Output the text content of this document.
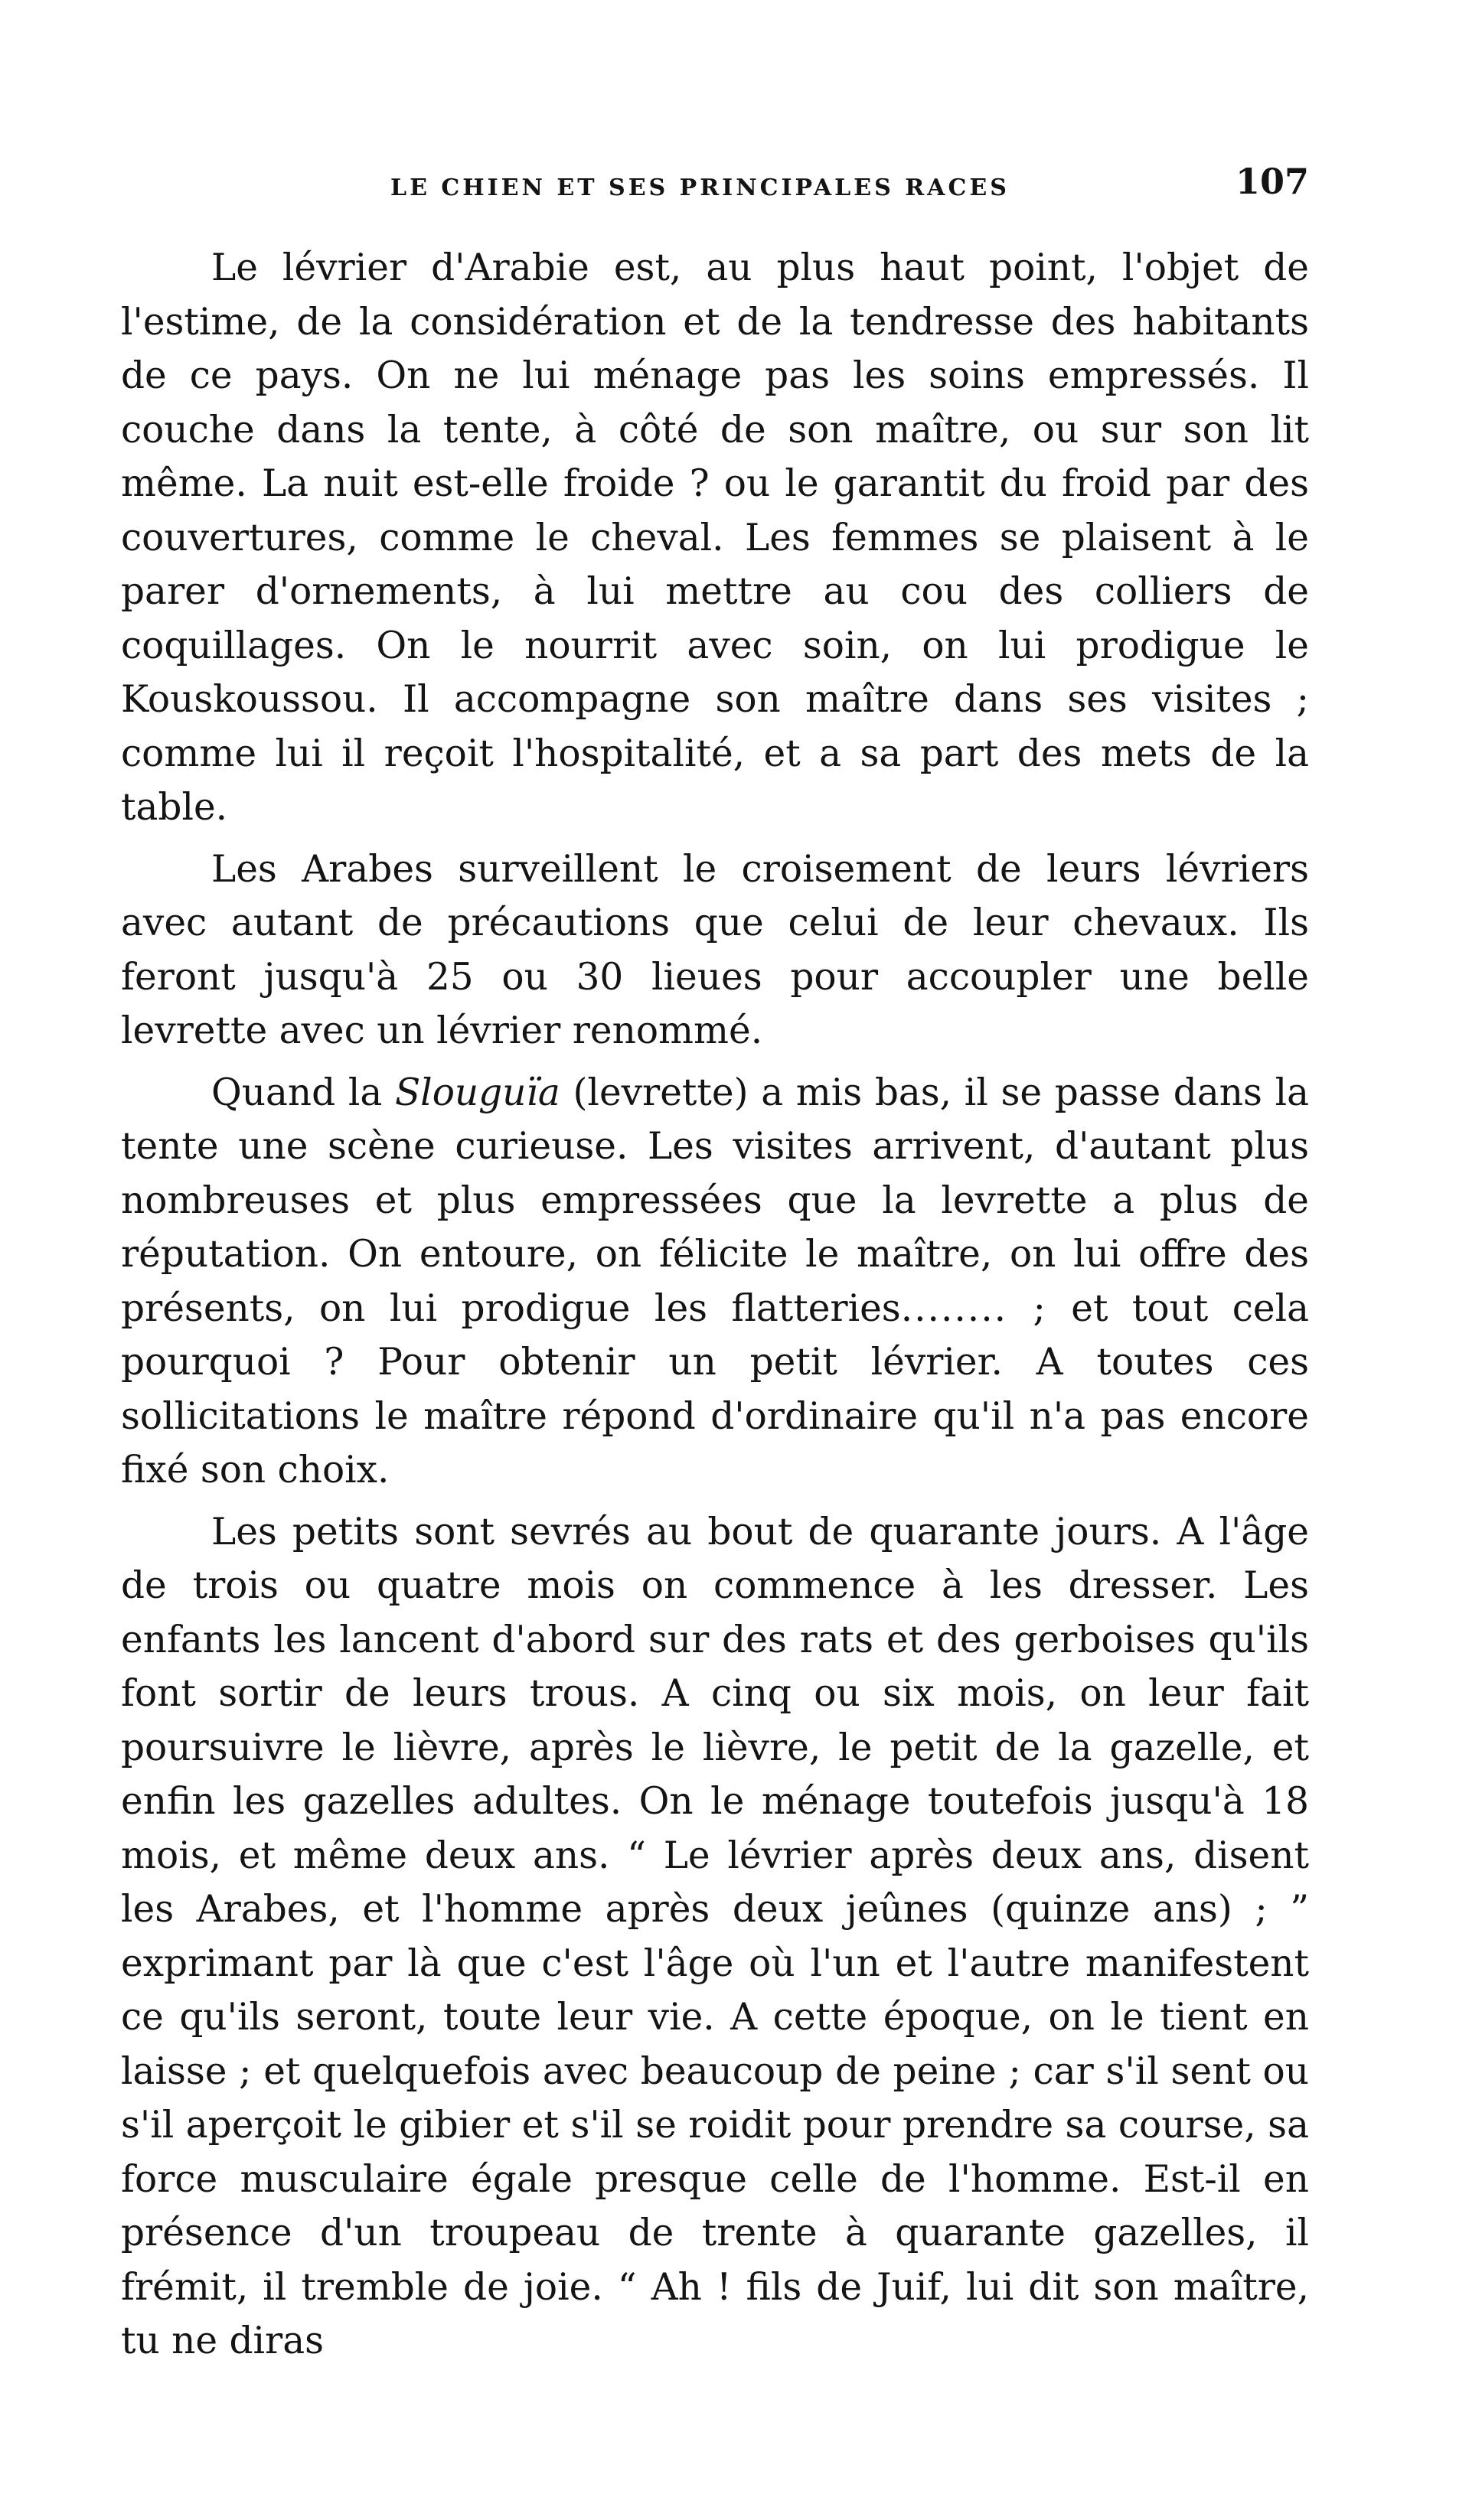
LE CHIEN ET SES PRINCIPALES RACES	107

Le lévrier d'Arabie est, au plus haut point, l'objet de l'estime, de la considération et de la tendresse des habitants de ce pays. On ne lui ménage pas les soins empressés. Il couche dans la tente, à côté de son maître, ou sur son lit même. La nuit est-elle froide ? ou le garantit du froid par des couvertures, comme le cheval. Les femmes se plaisent à le parer d'ornements, à lui mettre au cou des colliers de coquillages. On le nourrit avec soin, on lui prodigue le Kouskoussou. Il accompagne son maître dans ses visites ; comme lui il reçoit l'hospitalité, et a sa part des mets de la table.

Les Arabes surveillent le croisement de leurs lévriers avec autant de précautions que celui de leur chevaux. Ils feront jusqu'à 25 ou 30 lieues pour accoupler une belle levrette avec un lévrier renommé.

Quand la Slouguïa (levrette) a mis bas, il se passe dans la tente une scène curieuse. Les visites arrivent, d'autant plus nombreuses et plus empressées que la levrette a plus de réputation. On entoure, on félicite le maître, on lui offre des présents, on lui prodigue les flatteries........ ; et tout cela pourquoi ? Pour obtenir un petit lévrier. A toutes ces sollicitations le maître répond d'ordinaire qu'il n'a pas encore fixé son choix.

Les petits sont sevrés au bout de quarante jours. A l'âge de trois ou quatre mois on commence à les dresser. Les enfants les lancent d'abord sur des rats et des gerboises qu'ils font sortir de leurs trous. A cinq ou six mois, on leur fait poursuivre le lièvre, après le lièvre, le petit de la gazelle, et enfin les gazelles adultes. On le ménage toutefois jusqu'à 18 mois, et même deux ans. “ Le lévrier après deux ans, disent les Arabes, et l'homme après deux jeûnes (quinze ans) ; ” exprimant par là que c'est l'âge où l'un et l'autre manifestent ce qu'ils seront, toute leur vie. A cette époque, on le tient en laisse ; et quelquefois avec beaucoup de peine ; car s'il sent ou s'il aperçoit le gibier et s'il se roidit pour prendre sa course, sa force musculaire égale presque celle de l'homme. Est-il en présence d'un troupeau de trente à quarante gazelles, il frémit, il tremble de joie. “ Ah ! fils de Juif, lui dit son maître, tu ne diras
